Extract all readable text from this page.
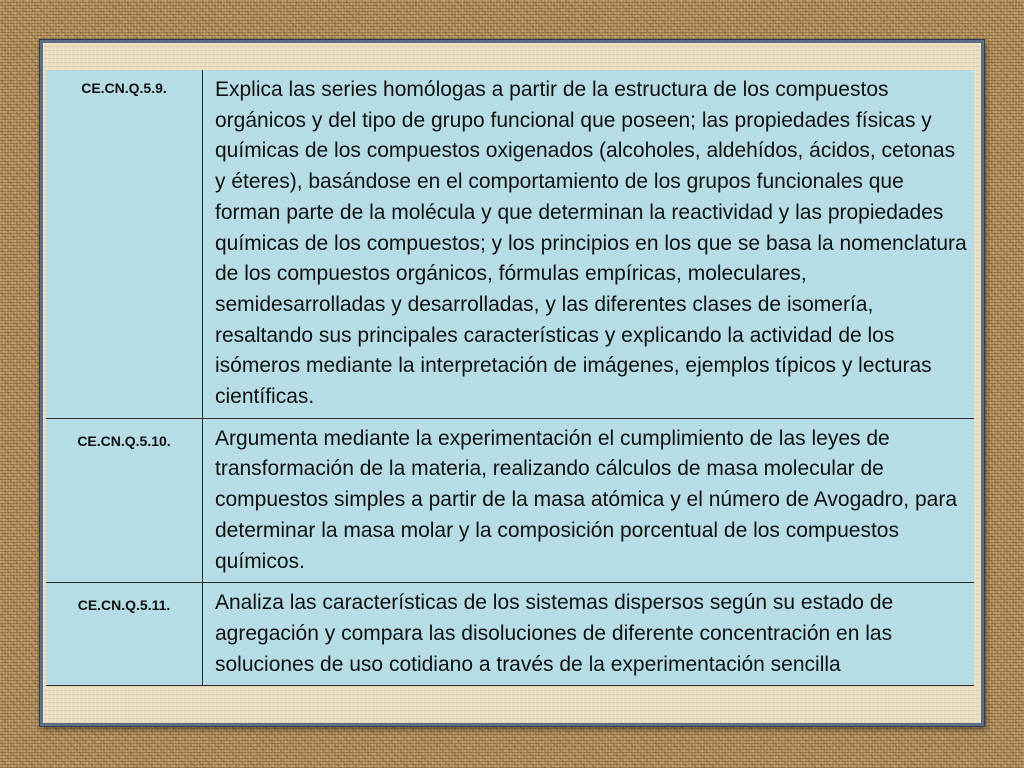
CE.CN.Q.5.9.	Explica las series homólogas a partir de la estructura de los compuestos orgánicos y del tipo de grupo funcional que poseen; las propiedades físicas y químicas de los compuestos oxigenados (alcoholes, aldehídos, ácidos, cetonas y éteres), basándose en el comportamiento de los grupos funcionales que forman parte de la molécula y que determinan la reactividad y las propiedades químicas de los compuestos; y los principios en los que se basa la nomenclatura de los compuestos orgánicos, fórmulas empíricas, moleculares, semidesarrolladas y desarrolladas, y las diferentes clases de isomería, resaltando sus principales características y explicando la actividad de los isómeros mediante la interpretación de imágenes, ejemplos típicos y lecturas científicas.
CE.CN.Q.5.10.	Argumenta mediante la experimentación el cumplimiento de las leyes de transformación de la materia, realizando cálculos de masa molecular de compuestos simples a partir de la masa atómica y el número de Avogadro, para determinar la masa molar y la composición porcentual de los compuestos químicos.
CE.CN.Q.5.11.	Analiza las características de los sistemas dispersos según su estado de agregación y compara las disoluciones de diferente concentración en las soluciones de uso cotidiano a través de la experimentación sencilla
